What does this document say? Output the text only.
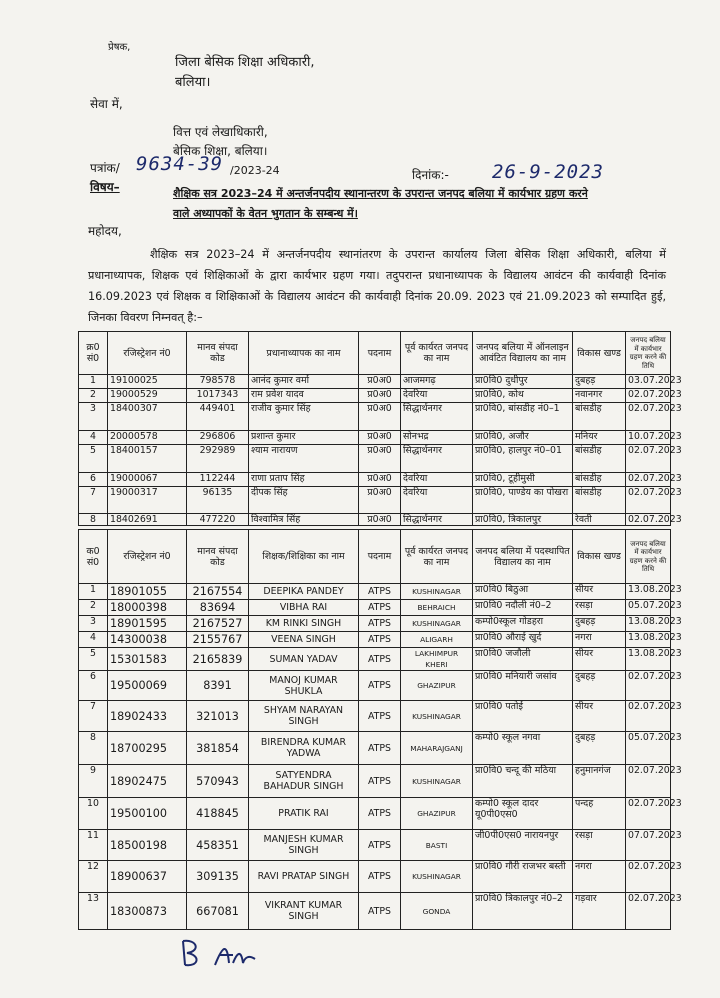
प्रेषक,
जिला बेसिक शिक्षा अधिकारी,
बलिया।
सेवा में,
वित्त एवं लेखाधिकारी,
बेसिक शिक्षा, बलिया।
पत्रांक/ 9634-39 /2023-24	दिनांक:- 26-9-2023
विषय–	शैक्षिक सत्र 2023–24 में अन्तर्जनपदीय स्थानान्तरण के उपरान्त जनपद बलिया में कार्यभार ग्रहण करने
वाले अध्यापकों के वेतन भुगतान के सम्बन्ध में।
महोदय,
शैक्षिक सत्र 2023–24 में अन्तर्जनपदीय स्थानांतरण के उपरान्त कार्यालय जिला बेसिक शिक्षा अधिकारी, बलिया में प्रधानाध्यापक, शिक्षक एवं शिक्षिकाओं के द्वारा कार्यभार ग्रहण गया। तदुपरान्त प्रधानाध्यापक के विद्यालय आवंटन की कार्यवाही दिनांक 16.09.2023 एवं शिक्षक व शिक्षिकाओं के विद्यालय आवंटन की कार्यवाही दिनांक 20.09. 2023 एवं 21.09.2023 को सम्पादित हुई, जिनका विवरण निम्नवत् है:–
क्र0 सं0	रजिस्ट्रेशन नं0	मानव संपदा कोड	प्रधानाध्यापक का नाम	पदनाम	पूर्व कार्यरत जनपद का नाम	जनपद बलिया में ऑनलाइन आवंटित विद्यालय का नाम	विकास खण्ड	जनपद बलिया में कार्यभार ग्रहण करने की तिथि
1	19100025	798578	आनंद कुमार वर्मा	प्र0अ0	आजमगढ़	प्रा0वि0 दुधीपुर	दुबहड़	03.07.2023
2	19000529	1017343	राम प्रवेश यादव	प्र0अ0	देवरिया	प्रा0वि0, कोथ	नवानगर	02.07.2023
3	18400307	449401	राजीव कुमार सिंह	प्र0अ0	सिद्धार्थनगर	प्रा0वि0, बांसडीह नं0–1	बांसडीह	02.07.2023
4	20000578	296806	प्रशान्त कुमार	प्र0अ0	सोनभद्र	प्रा0वि0, अजौर	मनियर	10.07.2023
5	18400157	292989	श्याम नारायण	प्र0अ0	सिद्धार्थनगर	प्रा0वि0, हालपुर नं0–01	बांसडीह	02.07.2023
6	19000067	112244	राणा प्रताप सिंह	प्र0अ0	देवरिया	प्रा0वि0, टूहीमुसी	बांसडीह	02.07.2023
7	19000317	96135	दीपक सिंह	प्र0अ0	देवरिया	प्रा0वि0, पाण्डेय का पोखरा	बांसडीह	02.07.2023
8	18402691	477220	विश्वामित्र सिंह	प्र0अ0	सिद्धार्थनगर	प्रा0वि0, त्रिकालपुर	रेवती	02.07.2023
क0 सं0	रजिस्ट्रेशन नं0	मानव संपदा कोड	शिक्षक/शिक्षिका का नाम	पदनाम	पूर्व कार्यरत जनपद का नाम	जनपद बलिया में पदस्थापित विद्यालय का नाम	विकास खण्ड	जनपद बलिया में कार्यभार ग्रहण करने की तिथि
1	18901055	2167554	DEEPIKA PANDEY	ATPS	KUSHINAGAR	प्रा0वि0 बिठुआ	सीयर	13.08.2023
2	18000398	83694	VIBHA RAI	ATPS	BEHRAICH	प्रा0वि0 नदौली नं0–2	रसड़ा	05.07.2023
3	18901595	2167527	KM RINKI SINGH	ATPS	KUSHINAGAR	कम्पो0स्कूल गोडहरा	दुबहड़	13.08.2023
4	14300038	2155767	VEENA SINGH	ATPS	ALIGARH	प्रा0वि0 औराई खुर्द	नगरा	13.08.2023
5	15301583	2165839	SUMAN YADAV	ATPS	LAKHIMPUR KHERI	प्रा0वि0 जजौली	सीयर	13.08.2023
6	19500069	8391	MANOJ KUMAR SHUKLA	ATPS	GHAZIPUR	प्रा0वि0 मनियारी जसांव	दुबहड़	02.07.2023
7	18902433	321013	SHYAM NARAYAN SINGH	ATPS	KUSHINAGAR	प्रा0वि0 पतोई	सीयर	02.07.2023
8	18700295	381854	BIRENDRA KUMAR YADWA	ATPS	MAHARAJGANJ	कम्पो0 स्कूल नगवा	दुबहड़	05.07.2023
9	18902475	570943	SATYENDRA BAHADUR SINGH	ATPS	KUSHINAGAR	प्रा0वि0 चन्दू की मठिया	हनुमानगंज	02.07.2023
10	19500100	418845	PRATIK RAI	ATPS	GHAZIPUR	कम्पो0 स्कूल दादर यू0पी0एस0	पन्दह	02.07.2023
11	18500198	458351	MANJESH KUMAR SINGH	ATPS	BASTI	जी0पी0एस0 नारायनपुर	रसड़ा	07.07.2023
12	18900637	309135	RAVI PRATAP SINGH	ATPS	KUSHINAGAR	प्रा0वि0 गौरी राजभर बस्ती	नगरा	02.07.2023
13	18300873	667081	VIKRANT KUMAR SINGH	ATPS	GONDA	प्रा0वि0 त्रिकालपुर नं0–2	गड़वार	02.07.2023
